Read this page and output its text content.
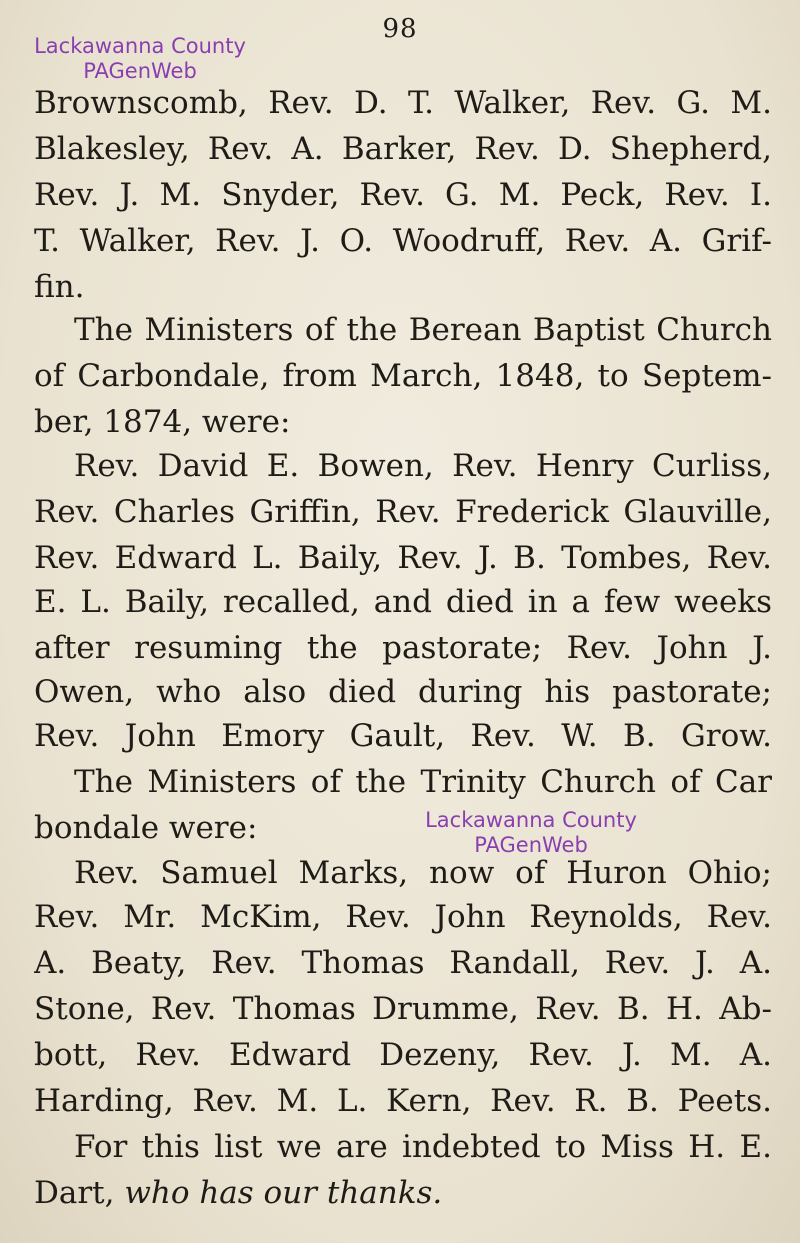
98
Lackawanna County
PAGenWeb
Brownscomb, Rev. D. T. Walker, Rev. G. M.
Blakesley, Rev. A. Barker, Rev. D. Shepherd,
Rev. J. M. Snyder, Rev. G. M. Peck, Rev. I.
T. Walker, Rev. J. O. Woodruff, Rev. A. Grif-
fin.
The Ministers of the Berean Baptist Church
of Carbondale, from March, 1848, to Septem-
ber, 1874, were:
Rev. David E. Bowen, Rev. Henry Curliss,
Rev. Charles Griffin, Rev. Frederick Glauville,
Rev. Edward L. Baily, Rev. J. B. Tombes, Rev.
E. L. Baily, recalled, and died in a few weeks
after resuming the pastorate; Rev. John J.
Owen, who also died during his pastorate;
Rev. John Emory Gault, Rev. W. B. Grow.
The Ministers of the Trinity Church of Car
bondale were:
Rev. Samuel Marks, now of Huron Ohio;
Rev. Mr. McKim, Rev. John Reynolds, Rev.
A. Beaty, Rev. Thomas Randall, Rev. J. A.
Stone, Rev. Thomas Drumme, Rev. B. H. Ab-
bott, Rev. Edward Dezeny, Rev. J. M. A.
Harding, Rev. M. L. Kern, Rev. R. B. Peets.
For this list we are indebted to Miss H. E.
Dart, who has our thanks.
Lackawanna County
PAGenWeb
